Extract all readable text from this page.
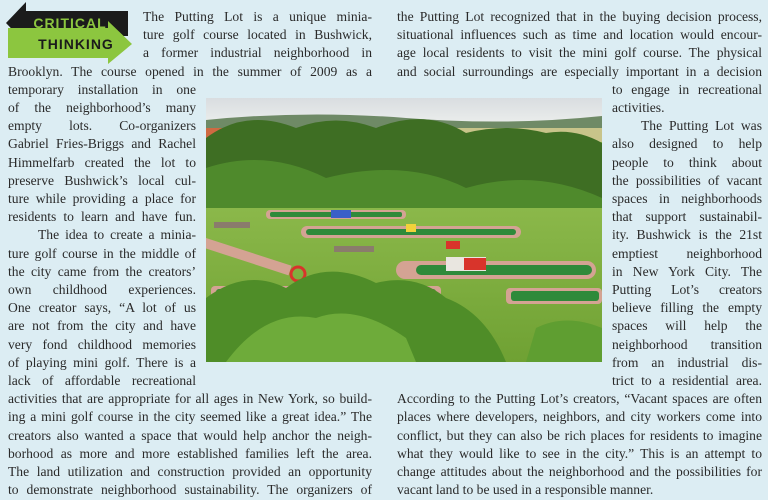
CRITICAL
THINKING
The Putting Lot is a unique minia-
ture golf course located in Bushwick,
a former industrial neighborhood in
Brooklyn. The course opened in the summer of 2009 as a
temporary installation in one
of the neighborhood’s many
empty lots. Co-organizers
Gabriel Fries-Briggs and Rachel
Himmelfarb created the lot to
preserve Bushwick’s local cul-
ture while providing a place for
residents to learn and have fun.
The idea to create a minia-
ture golf course in the middle of
the city came from the creators’
own childhood experiences.
One creator says, “A lot of us
are not from the city and have
very fond childhood memories
of playing mini golf. There is a
lack of affordable recreational
activities that are appropriate for all ages in New York, so build-
ing a mini golf course in the city seemed like a great idea.” The
creators also wanted a space that would help anchor the neigh-
borhood as more and more established families left the area.
The land utilization and construction provided an opportunity
to demonstrate neighborhood sustainability. The organizers of
the Putting Lot recognized that in the buying decision process,
situational influences such as time and location would encour-
age local residents to visit the mini golf course. The physical
and social surroundings are especially important in a decision
to engage in recreational
activities.
The Putting Lot was
also designed to help
people to think about
the possibilities of vacant
spaces in neighborhoods
that support sustainabil-
ity. Bushwick is the 21st
emptiest neighborhood
in New York City. The
Putting Lot’s creators
believe filling the empty
spaces will help the
neighborhood transition
from an industrial dis-
trict to a residential area.
According to the Putting Lot’s creators, “Vacant spaces are often
places where developers, neighbors, and city workers come into
conflict, but they can also be rich places for residents to imagine
what they would like to see in the city.” This is an attempt to
change attitudes about the neighborhood and the possibilities for
vacant land to be used in a responsible manner.
